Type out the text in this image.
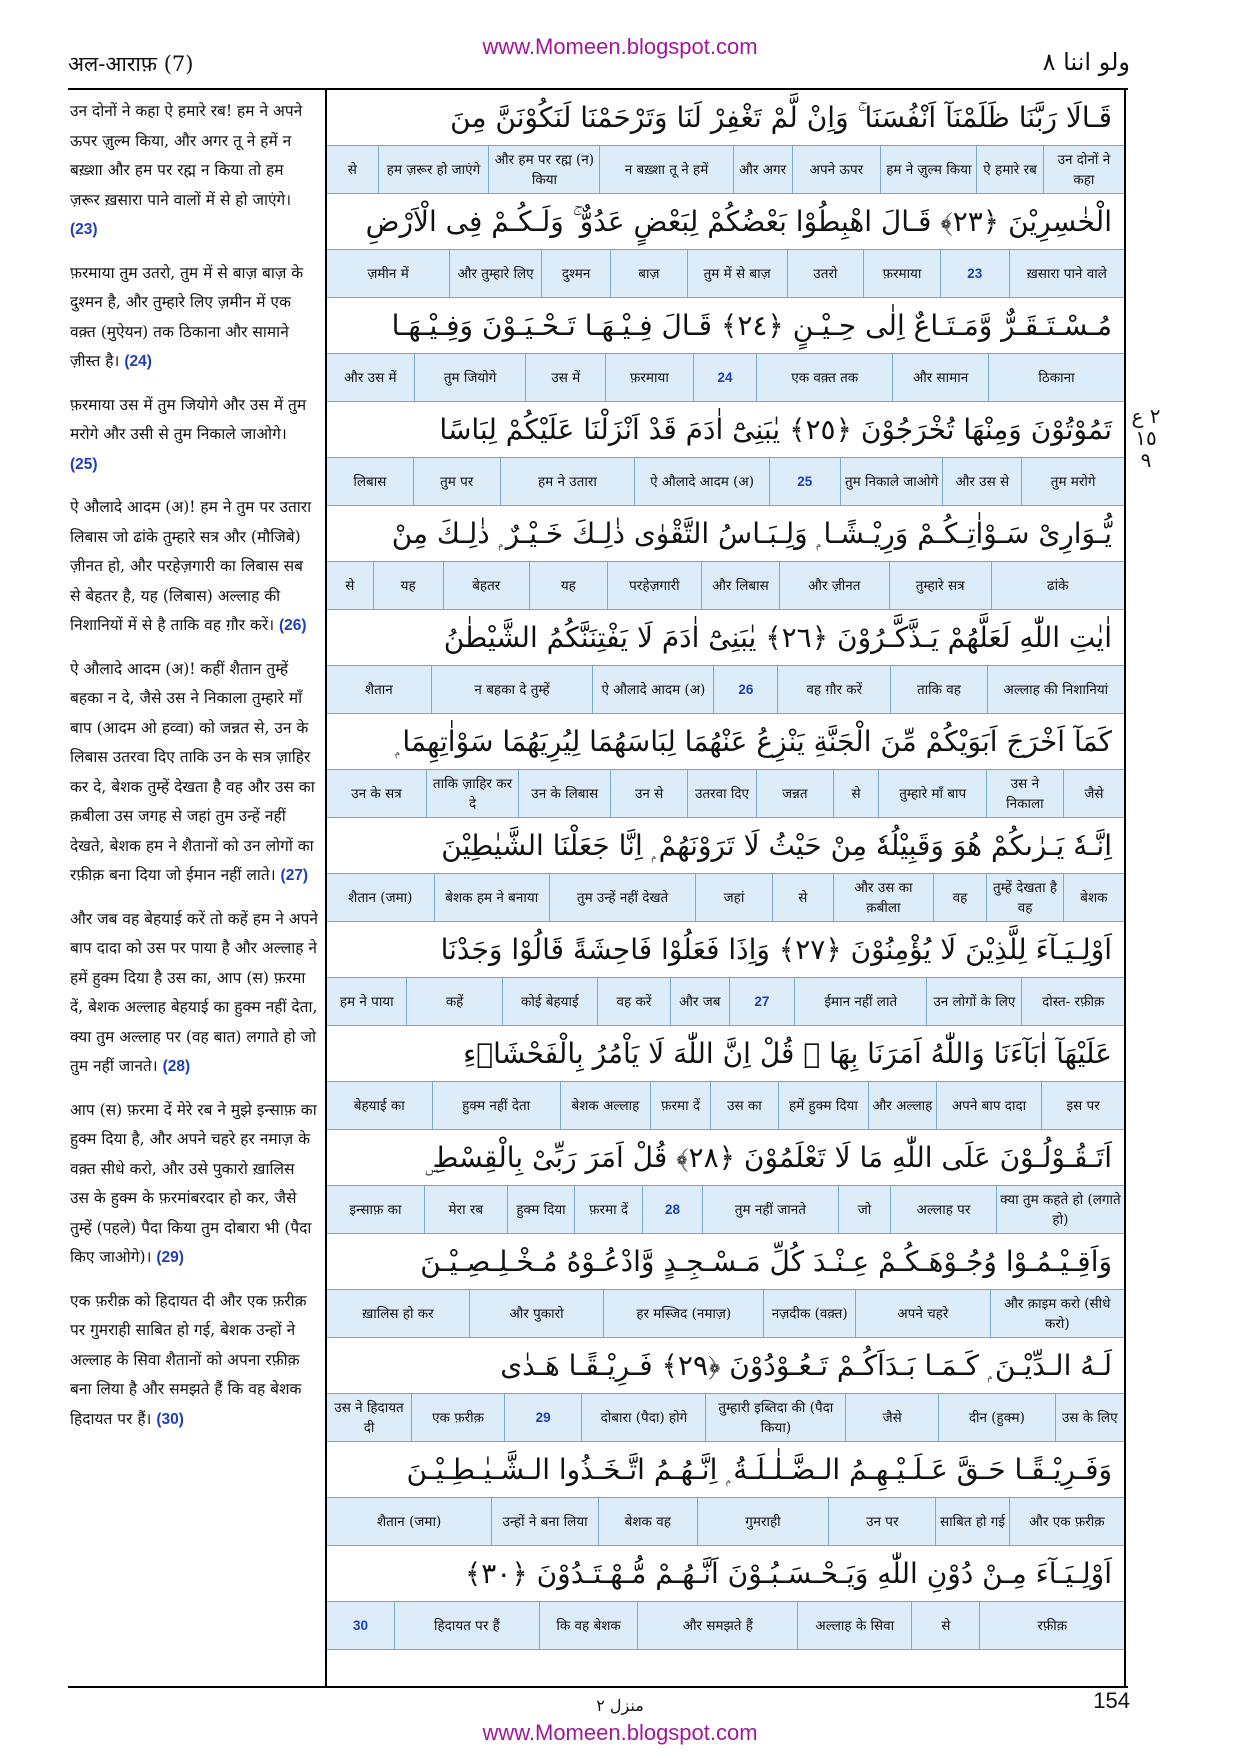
www.Momeen.blogspot.com
अल-आराफ़ (7)	ولو اننا ٨
उन दोनों ने कहा ऐ हमारे रब! हम ने अपने ऊपर ज़ुल्म किया, और अगर तू ने हमें न बख़्शा और हम पर रह्म न किया तो हम ज़रूर ख़सारा पाने वालों में से हो जाएंगे। (23)
फ़रमाया तुम उतरो, तुम में से बाज़ बाज़ के दुश्मन है, और तुम्हारे लिए ज़मीन में एक वक़्त (मुऐयन) तक ठिकाना और सामाने ज़ीस्त है। (24)
फ़रमाया उस में तुम जियोगे और उस में तुम मरोगे और उसी से तुम निकाले जाओगे। (25)
ऐ औलादे आदम (अ)! हम ने तुम पर उतारा लिबास जो ढांके तुम्हारे सत्र और (मौजिबे) ज़ीनत हो, और परहेज़गारी का लिबास सब से बेहतर है, यह (लिबास) अल्लाह की निशानियों में से है ताकि वह ग़ौर करें। (26)
ऐ औलादे आदम (अ)! कहीं शैतान तुम्हें बहका न दे, जैसे उस ने निकाला तुम्हारे माँ बाप (आदम ओ हव्वा) को जन्नत से, उन के लिबास उतरवा दिए ताकि उन के सत्र ज़ाहिर कर दे, बेशक तुम्हें देखता है वह और उस का क़बीला उस जगह से जहां तुम उन्हें नहीं देखते, बेशक हम ने शैतानों को उन लोगों का रफ़ीक़ बना दिया जो ईमान नहीं लाते। (27)
और जब वह बेहयाई करें तो कहें हम ने अपने बाप दादा को उस पर पाया है और अल्लाह ने हमें हुक्म दिया है उस का, आप (स) फ़रमा दें, बेशक अल्लाह बेहयाई का हुक्म नहीं देता, क्या तुम अल्लाह पर (वह बात) लगाते हो जो तुम नहीं जानते। (28)
आप (स) फ़रमा दें मेरे रब ने मुझे इन्साफ़ का हुक्म दिया है, और अपने चहरे हर नमाज़ के वक़्त सीधे करो, और उसे पुकारो ख़ालिस उस के हुक्म के फ़रमांबरदार हो कर, जैसे तुम्हें (पहले) पैदा किया तुम दोबारा भी (पैदा किए जाओगे)। (29)
एक फ़रीक़ को हिदायत दी और एक फ़रीक़ पर गुमराही साबित हो गई, बेशक उन्हों ने अल्लाह के सिवा शैतानों को अपना रफ़ीक़ बना लिया है और समझते हैं कि वह बेशक हिदायत पर हैं। (30)
قَـالَا رَبَّنَا ظَلَمْنَآ اَنْفُسَنَا ۚ وَاِنْ لَّمْ تَغْفِرْ لَنَا وَتَرْحَمْنَا لَنَكُوْنَنَّ مِنَ
उन दोनों ने कहा
ऐ हमारे रब
हम ने ज़ुल्म किया
अपने ऊपर
और अगर
न बख़्शा तू ने हमें
और हम पर रह्म (न) किया
हम ज़रूर हो जाएंगे
से
الْخٰسِرِيْنَ ﴿٢٣﴾ قَـالَ اهْبِطُوْا بَعْضُكُمْ لِبَعْضٍ عَدُوٌّ ۚ وَلَـكُـمْ فِى الْاَرْضِ
ख़सारा पाने वाले
23
फ़रमाया
उतरो
तुम में से बाज़
बाज़
दुश्मन
और तुम्हारे लिए
ज़मीन में
مُـسْـتَـقَـرٌّ وَّمَـتَـاعٌ اِلٰى حِـيْـنٍ ﴿٢٤﴾ قَـالَ فِـيْـهَـا تَـحْـيَـوْنَ وَفِـيْـهَـا
ठिकाना
और सामान
एक वक़्त तक
24
फ़रमाया
उस में
तुम जियोगे
और उस में
تَمُوْتُوْنَ وَمِنْهَا تُخْرَجُوْنَ ﴿٢٥﴾ يٰبَنِىْٓ اٰدَمَ قَدْ اَنْزَلْنَا عَلَيْكُمْ لِبَاسًا
तुम मरोगे
और उस से
तुम निकाले जाओगे
25
ऐ औलादे आदम (अ)
हम ने उतारा
तुम पर
लिबास
يُّـوَارِىْ سَـوْاٰتِـكُـمْ وَرِيْـشًـا ۭ وَلِـبَـاسُ التَّقْوٰى ذٰلِـكَ خَـيْـرٌ ۭ ذٰلِـكَ مِنْ
ढांके
तुम्हारे सत्र
और ज़ीनत
और लिबास
परहेज़गारी
यह
बेहतर
यह
से
اٰيٰتِ اللّٰهِ لَعَلَّهُمْ يَـذَّكَّـرُوْنَ ﴿٢٦﴾ يٰبَنِىْٓ اٰدَمَ لَا يَفْتِنَنَّكُمُ الشَّيْطٰنُ
अल्लाह की निशानियां
ताकि वह
वह ग़ौर करें
26
ऐ औलादे आदम (अ)
न बहका दे तुम्हें
शैतान
كَمَآ اَخْرَجَ اَبَوَيْكُمْ مِّنَ الْجَنَّةِ يَنْزِعُ عَنْهُمَا لِبَاسَهُمَا لِيُرِيَهُمَا سَوْاٰتِهِمَا ۭ
जैसे
उस ने निकाला
तुम्हारे माँ बाप
से
जन्नत
उतरवा दिए
उन से
उन के लिबास
ताकि ज़ाहिर कर दे
उन के सत्र
اِنَّـهٗ يَـرٰىكُمْ هُوَ وَقَبِيْلُهٗ مِنْ حَيْثُ لَا تَرَوْنَهُمْ ۭ اِنَّا جَعَلْنَا الشَّيٰطِيْنَ
बेशक
तुम्हें देखता है वह
वह
और उस का क़बीला
से
जहां
तुम उन्हें नहीं देखते
बेशक हम ने बनाया
शैतान (जमा)
اَوْلِـيَـآءَ لِلَّذِيْنَ لَا يُؤْمِنُوْنَ ﴿٢٧﴾ وَاِذَا فَعَلُوْا فَاحِشَةً قَالُوْا وَجَدْنَا
दोस्त- रफ़ीक़
उन लोगों के लिए
ईमान नहीं लाते
27
और जब
वह करें
कोई बेहयाई
कहें
हम ने पाया
عَلَيْهَآ اٰبَآءَنَا وَاللّٰهُ اَمَرَنَا بِهَا ۭ قُلْ اِنَّ اللّٰهَ لَا يَاْمُرُ بِالْفَحْشَاۗءِ
इस पर
अपने बाप दादा
और अल्लाह
हमें हुक्म दिया
उस का
फ़रमा दें
बेशक अल्लाह
हुक्म नहीं देता
बेहयाई का
اَتَـقُـوْلُـوْنَ عَلَى اللّٰهِ مَا لَا تَعْلَمُوْنَ ﴿٢٨﴾ قُلْ اَمَرَ رَبِّىْ بِالْقِسْطِ ۣ
क्या तुम कहते हो (लगाते हो)
अल्लाह पर
जो
तुम नहीं जानते
28
फ़रमा दें
हुक्म दिया
मेरा रब
इन्साफ़ का
وَاَقِـيْـمُـوْا وُجُـوْهَـكُـمْ عِـنْـدَ كُلِّ مَـسْـجِـدٍ وَّادْعُـوْهُ مُـخْـلِـصِـيْـنَ
और क़ाइम करो (सीधे करो)
अपने चहरे
नज़दीक (वक़्त)
हर मस्जिद (नमाज़)
और पुकारो
ख़ालिस हो कर
لَـهُ الـدِّيْـنَ ۭ كَـمَـا بَـدَاَكُـمْ تَـعُـوْدُوْنَ ﴿٢٩﴾ فَـرِيْـقًـا هَـدٰى
उस के लिए
दीन (हुक्म)
जैसे
तुम्हारी इब्तिदा की (पैदा किया)
दोबारा (पैदा) होगे
29
एक फ़रीक़
उस ने हिदायत दी
وَفَـرِيْـقًـا حَـقَّ عَـلَـيْـهِـمُ الـضَّـلٰـلَـةُ ۭ اِنَّـهُـمُ اتَّـخَـذُوا الـشَّـيٰـطِـيْـنَ
और एक फ़रीक़
साबित हो गई
उन पर
गुमराही
बेशक वह
उन्हों ने बना लिया
शैतान (जमा)
اَوْلِـيَـآءَ مِـنْ دُوْنِ اللّٰهِ وَيَـحْـسَـبُـوْنَ اَنَّـهُـمْ مُّـهْـتَـدُوْنَ ﴿٣٠﴾
रफ़ीक़
से
अल्लाह के सिवा
और समझते हैं
कि वह बेशक
हिदायत पर हैं
30
٢ ع ١٥ ٩
منزل ٢	154
www.Momeen.blogspot.com
